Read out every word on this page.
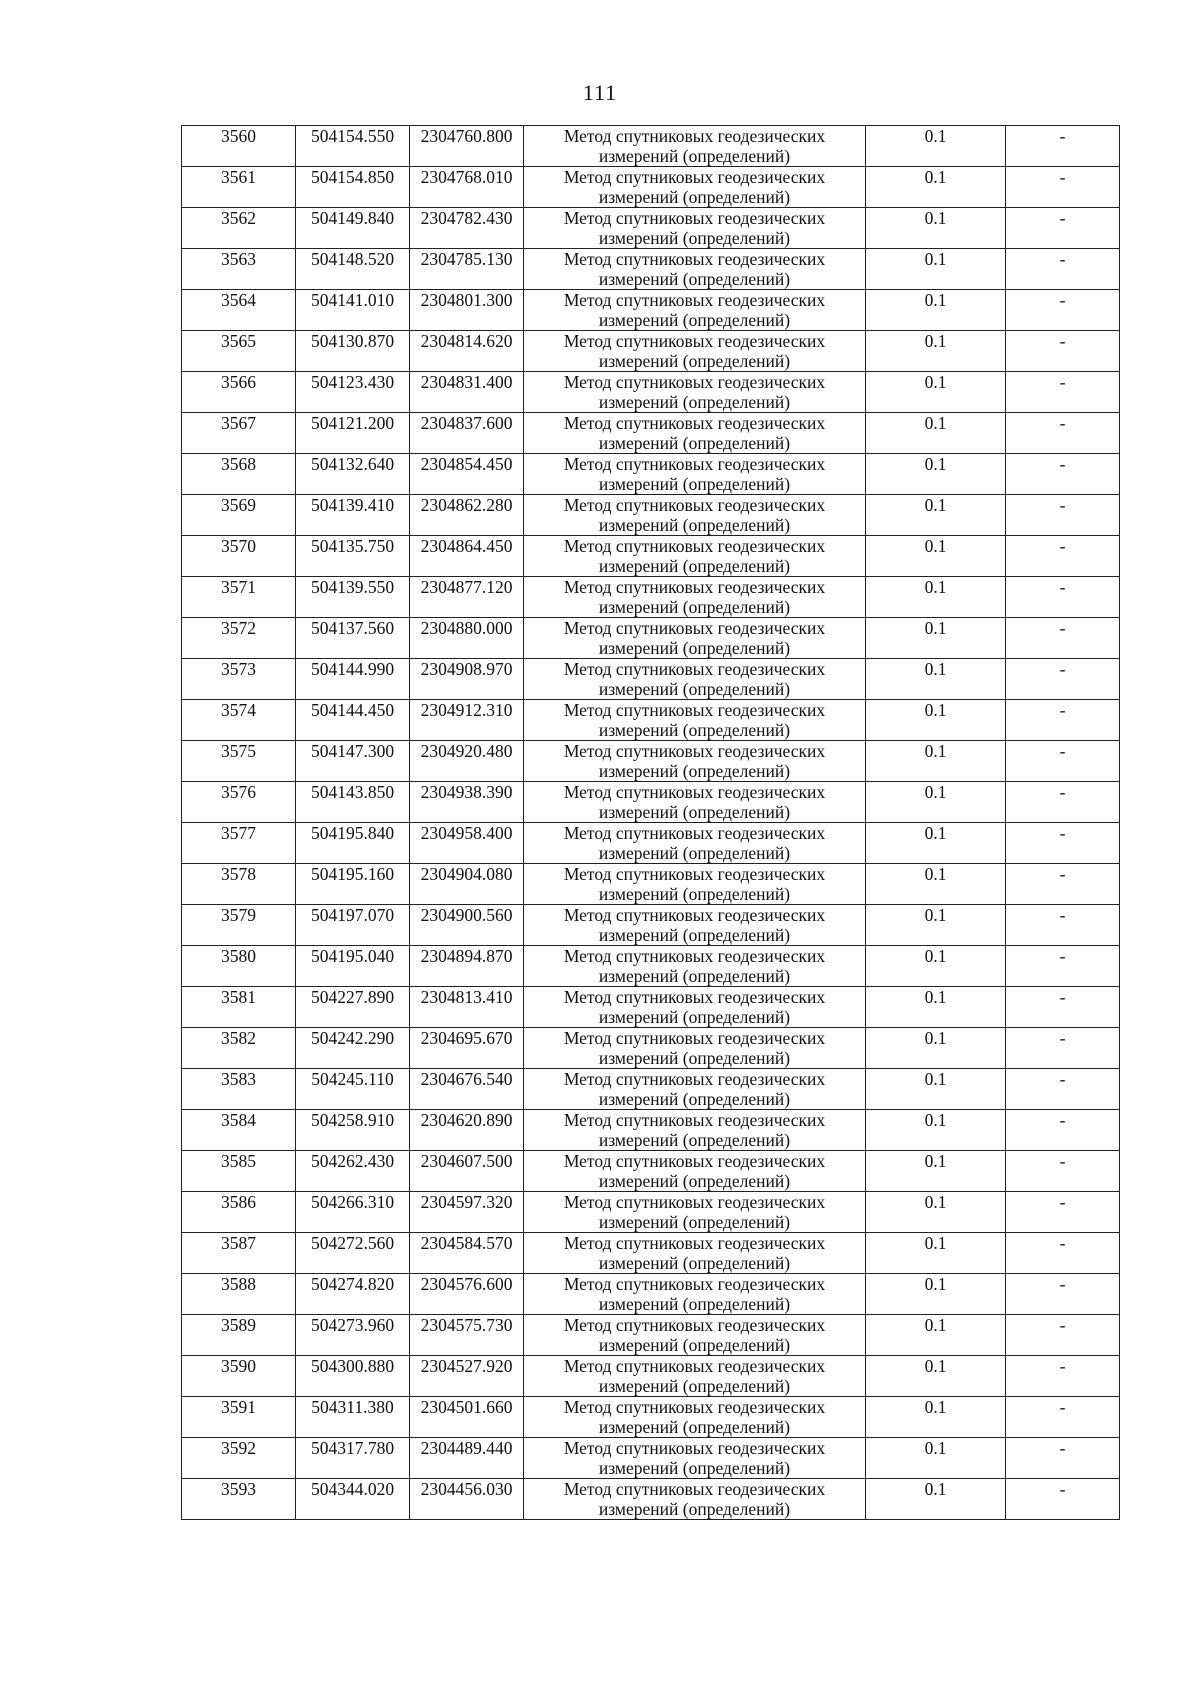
111
3560	504154.550	2304760.800	Метод спутниковых геодезических
измерений (определений)	0.1	-
3561	504154.850	2304768.010	Метод спутниковых геодезических
измерений (определений)	0.1	-
3562	504149.840	2304782.430	Метод спутниковых геодезических
измерений (определений)	0.1	-
3563	504148.520	2304785.130	Метод спутниковых геодезических
измерений (определений)	0.1	-
3564	504141.010	2304801.300	Метод спутниковых геодезических
измерений (определений)	0.1	-
3565	504130.870	2304814.620	Метод спутниковых геодезических
измерений (определений)	0.1	-
3566	504123.430	2304831.400	Метод спутниковых геодезических
измерений (определений)	0.1	-
3567	504121.200	2304837.600	Метод спутниковых геодезических
измерений (определений)	0.1	-
3568	504132.640	2304854.450	Метод спутниковых геодезических
измерений (определений)	0.1	-
3569	504139.410	2304862.280	Метод спутниковых геодезических
измерений (определений)	0.1	-
3570	504135.750	2304864.450	Метод спутниковых геодезических
измерений (определений)	0.1	-
3571	504139.550	2304877.120	Метод спутниковых геодезических
измерений (определений)	0.1	-
3572	504137.560	2304880.000	Метод спутниковых геодезических
измерений (определений)	0.1	-
3573	504144.990	2304908.970	Метод спутниковых геодезических
измерений (определений)	0.1	-
3574	504144.450	2304912.310	Метод спутниковых геодезических
измерений (определений)	0.1	-
3575	504147.300	2304920.480	Метод спутниковых геодезических
измерений (определений)	0.1	-
3576	504143.850	2304938.390	Метод спутниковых геодезических
измерений (определений)	0.1	-
3577	504195.840	2304958.400	Метод спутниковых геодезических
измерений (определений)	0.1	-
3578	504195.160	2304904.080	Метод спутниковых геодезических
измерений (определений)	0.1	-
3579	504197.070	2304900.560	Метод спутниковых геодезических
измерений (определений)	0.1	-
3580	504195.040	2304894.870	Метод спутниковых геодезических
измерений (определений)	0.1	-
3581	504227.890	2304813.410	Метод спутниковых геодезических
измерений (определений)	0.1	-
3582	504242.290	2304695.670	Метод спутниковых геодезических
измерений (определений)	0.1	-
3583	504245.110	2304676.540	Метод спутниковых геодезических
измерений (определений)	0.1	-
3584	504258.910	2304620.890	Метод спутниковых геодезических
измерений (определений)	0.1	-
3585	504262.430	2304607.500	Метод спутниковых геодезических
измерений (определений)	0.1	-
3586	504266.310	2304597.320	Метод спутниковых геодезических
измерений (определений)	0.1	-
3587	504272.560	2304584.570	Метод спутниковых геодезических
измерений (определений)	0.1	-
3588	504274.820	2304576.600	Метод спутниковых геодезических
измерений (определений)	0.1	-
3589	504273.960	2304575.730	Метод спутниковых геодезических
измерений (определений)	0.1	-
3590	504300.880	2304527.920	Метод спутниковых геодезических
измерений (определений)	0.1	-
3591	504311.380	2304501.660	Метод спутниковых геодезических
измерений (определений)	0.1	-
3592	504317.780	2304489.440	Метод спутниковых геодезических
измерений (определений)	0.1	-
3593	504344.020	2304456.030	Метод спутниковых геодезических
измерений (определений)	0.1	-
